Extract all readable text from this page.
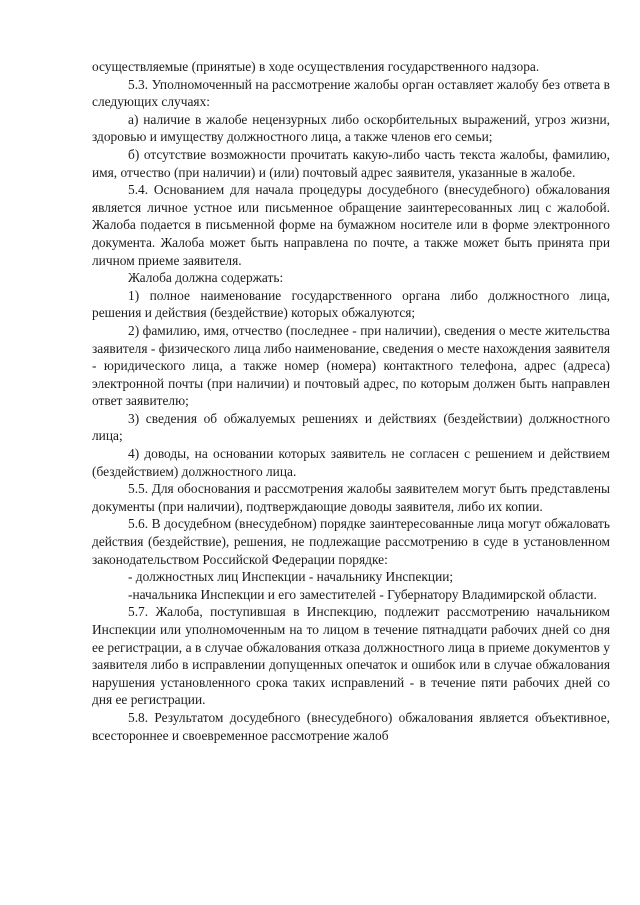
осуществляемые (принятые) в ходе осуществления государственного надзора.

5.3. Уполномоченный на рассмотрение жалобы орган оставляет жалобу без ответа в следующих случаях:

а) наличие в жалобе нецензурных либо оскорбительных выражений, угроз жизни, здоровью и имуществу должностного лица, а также членов его семьи;

б) отсутствие возможности прочитать какую-либо часть текста жалобы, фамилию, имя, отчество (при наличии) и (или) почтовый адрес заявителя, указанные в жалобе.

5.4. Основанием для начала процедуры досудебного (внесудебного) обжалования является личное устное или письменное обращение заинтересованных лиц с жалобой. Жалоба подается в письменной форме на бумажном носителе или в форме электронного документа. Жалоба может быть направлена по почте, а также может быть принята при личном приеме заявителя.

Жалоба должна содержать:

1) полное наименование государственного органа либо должностного лица, решения и действия (бездействие) которых обжалуются;

2) фамилию, имя, отчество (последнее - при наличии), сведения о месте жительства заявителя - физического лица либо наименование, сведения о месте нахождения заявителя - юридического лица, а также номер (номера) контактного телефона, адрес (адреса) электронной почты (при наличии) и почтовый адрес, по которым должен быть направлен ответ заявителю;

3) сведения об обжалуемых решениях и действиях (бездействии) должностного лица;

4) доводы, на основании которых заявитель не согласен с решением и действием (бездействием) должностного лица.

5.5. Для обоснования и рассмотрения жалобы заявителем могут быть представлены документы (при наличии), подтверждающие доводы заявителя, либо их копии.

5.6. В досудебном (внесудебном) порядке заинтересованные лица могут обжаловать действия (бездействие), решения, не подлежащие рассмотрению в суде в установленном законодательством Российской Федерации порядке:

- должностных лиц Инспекции - начальнику Инспекции;

-начальника Инспекции и его заместителей - Губернатору Владимирской области.

5.7. Жалоба, поступившая в Инспекцию, подлежит рассмотрению начальником Инспекции или уполномоченным на то лицом в течение пятнадцати рабочих дней со дня ее регистрации, а в случае обжалования отказа должностного лица в приеме документов у заявителя либо в исправлении допущенных опечаток и ошибок или в случае обжалования нарушения установленного срока таких исправлений - в течение пяти рабочих дней со дня ее регистрации.

5.8. Результатом досудебного (внесудебного) обжалования является объективное, всестороннее и своевременное рассмотрение жалоб
